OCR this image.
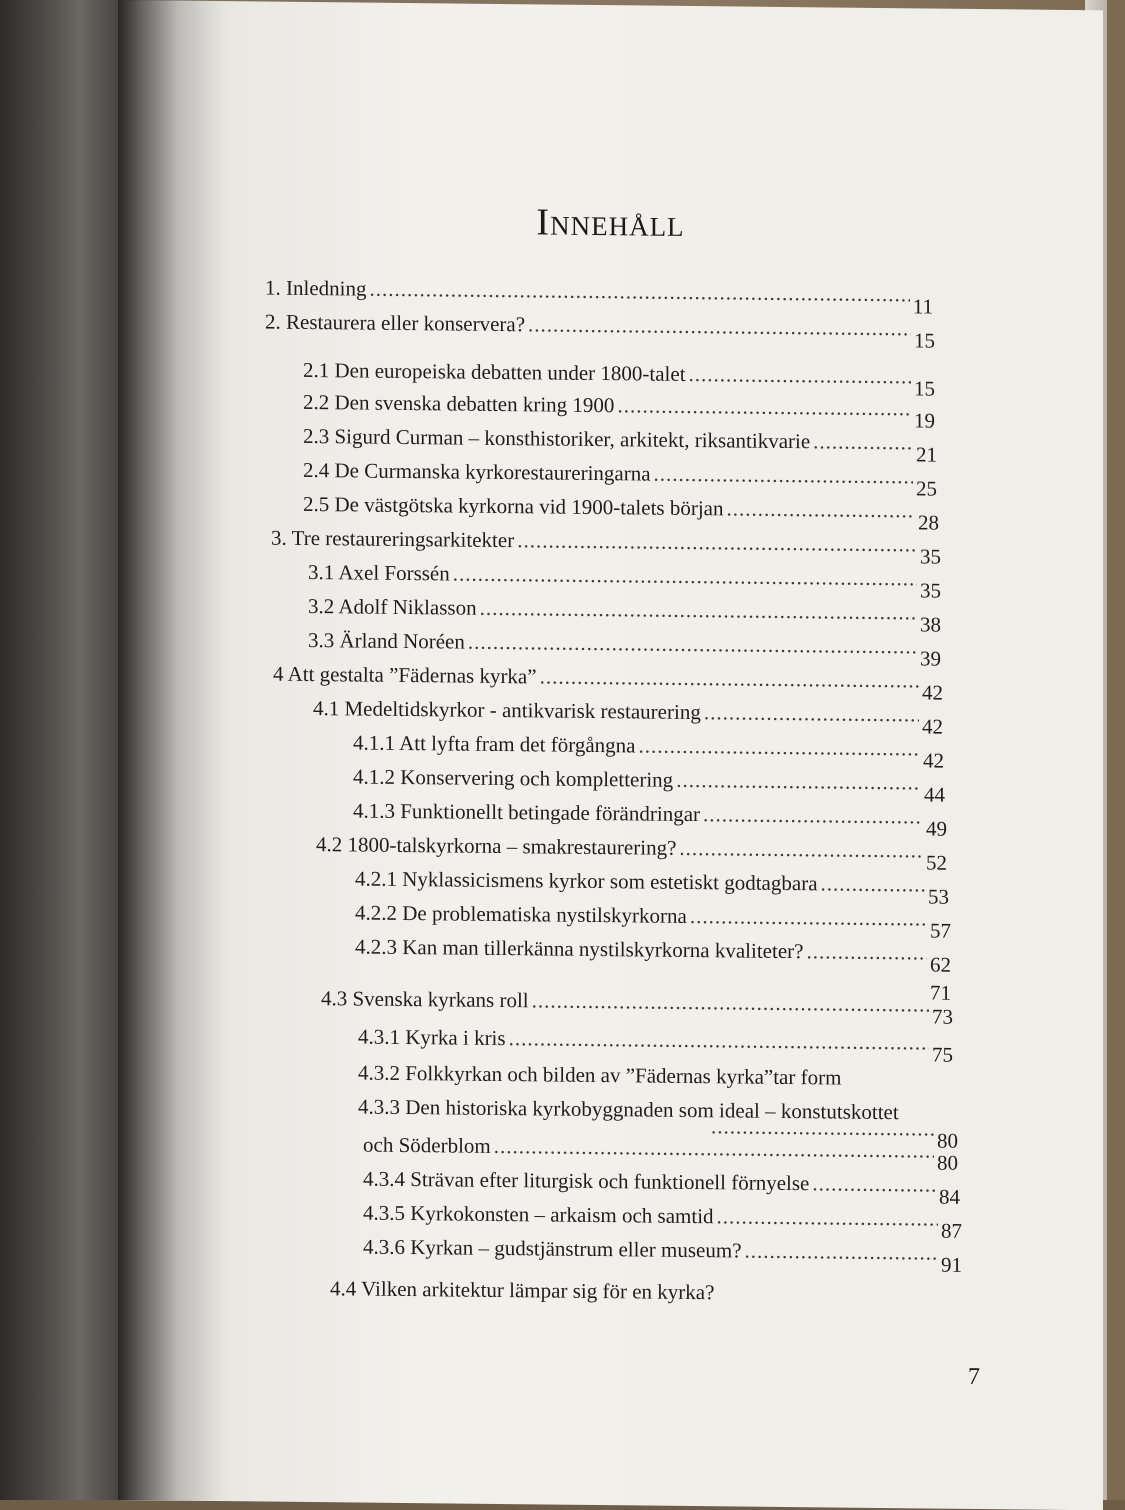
Innehåll
1. Inledning
.....
11
2. Restaurera eller konservera?
.....
15
2.1 Den europeiska debatten under 1800-talet
.....
15
2.2 Den svenska debatten kring 1900
.....
19
2.3 Sigurd Curman – konsthistoriker, arkitekt, riksantikvarie
.....
21
2.4 De Curmanska kyrkorestaureringarna
.....
25
2.5 De västgötska kyrkorna vid 1900-talets början
.....
28
3. Tre restaureringsarkitekter
.....
35
3.1 Axel Forssén
.....
35
3.2 Adolf Niklasson
.....
38
3.3 Ärland Noréen
.....
39
4 Att gestalta ”Fädernas kyrka”
.....
42
4.1 Medeltidskyrkor - antikvarisk restaurering
.....
42
4.1.1 Att lyfta fram det förgångna
.....
42
4.1.2 Konservering och komplettering
.....
44
4.1.3 Funktionellt betingade förändringar
.....
49
4.2 1800-talskyrkorna – smakrestaurering?
.....
52
4.2.1 Nyklassicismens kyrkor som estetiskt godtagbara
.....
53
4.2.2 De problematiska nystilskyrkorna
.....
57
4.2.3 Kan man tillerkänna nystilskyrkorna kvaliteter?
.....
62
71
4.3 Svenska kyrkans roll
.....
73
4.3.1 Kyrka i kris
.....
75
4.3.2 Folkkyrkan och bilden av ”Fädernas kyrka”tar form
4.3.3 Den historiska kyrkobyggnaden som ideal – konstutskottet
.....
80
och Söderblom
.....
80
4.3.4 Strävan efter liturgisk och funktionell förnyelse
.....
84
4.3.5 Kyrkokonsten – arkaism och samtid
.....
87
4.3.6 Kyrkan – gudstjänstrum eller museum?
.....
91
4.4 Vilken arkitektur lämpar sig för en kyrka?
7
